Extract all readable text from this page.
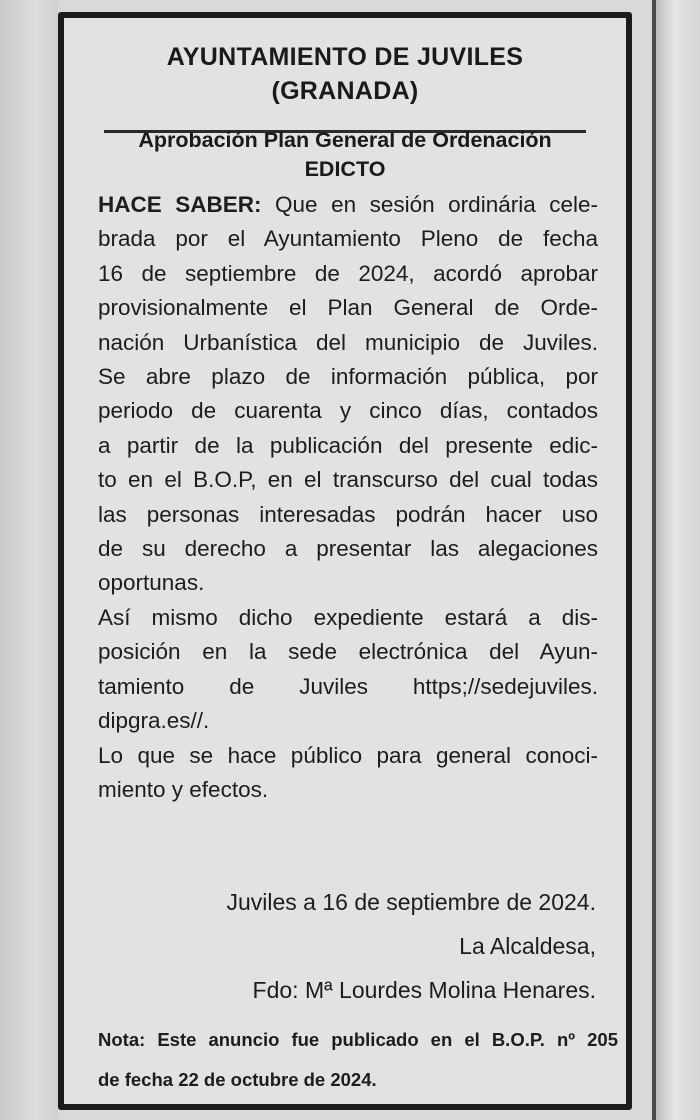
AYUNTAMIENTO DE JUVILES
(GRANADA)
Aprobación Plan General de Ordenación
EDICTO
HACE SABER: Que en sesión ordinária cele-
brada por el Ayuntamiento Pleno de fecha
16 de septiembre de 2024, acordó aprobar
provisionalmente el Plan General de Orde-
nación Urbanística del municipio de Juviles.
Se abre plazo de información pública, por
periodo de cuarenta y cinco días, contados
a partir de la publicación del presente edic-
to en el B.O.P, en el transcurso del cual todas
las personas interesadas podrán hacer uso
de su derecho a presentar las alegaciones
oportunas.
Así mismo dicho expediente estará a dis-
posición en la sede electrónica del Ayun-
tamiento de Juviles https;//sedejuviles.
dipgra.es//.
Lo que se hace público para general conoci-
miento y efectos.
Juviles a 16 de septiembre de 2024.
La Alcaldesa,
Fdo: Mª Lourdes Molina Henares.
Nota: Este anuncio fue publicado en el B.O.P. nº 205
de fecha 22 de octubre de 2024.
